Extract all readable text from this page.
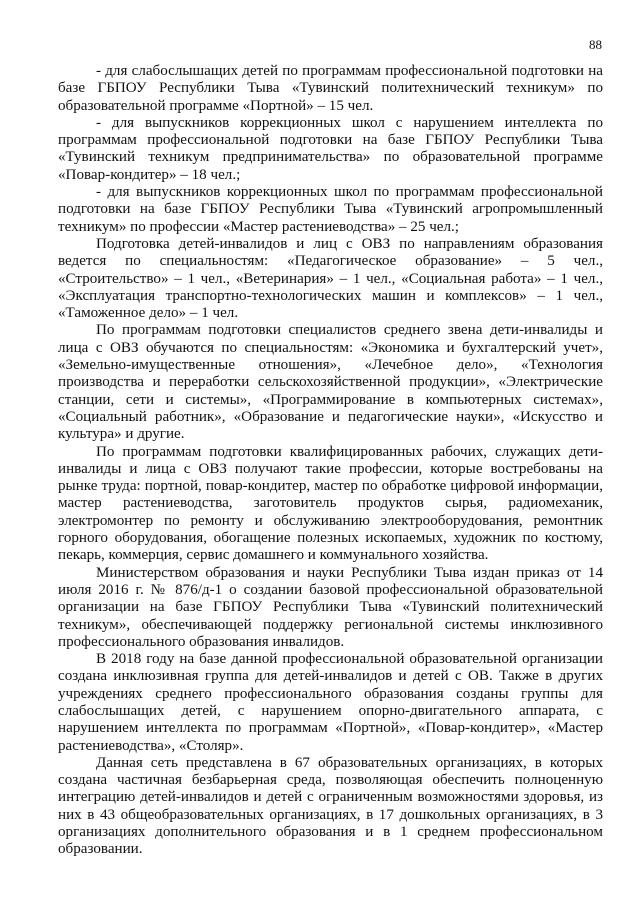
88

- для слабослышащих детей по программам профессиональной подготовки на базе ГБПОУ Республики Тыва «Тувинский политехнический техникум» по образовательной программе «Портной» – 15 чел.

- для выпускников коррекционных школ с нарушением интеллекта по программам профессиональной подготовки на базе ГБПОУ Республики Тыва «Тувинский техникум предпринимательства» по образовательной программе «Повар-кондитер» – 18 чел.;

- для выпускников коррекционных школ по программам профессиональной подготовки на базе ГБПОУ Республики Тыва «Тувинский агропромышленный техникум» по профессии «Мастер растениеводства» – 25 чел.;

Подготовка детей-инвалидов и лиц с ОВЗ по направлениям образования ведется по специальностям: «Педагогическое образование» – 5 чел., «Строительство» – 1 чел., «Ветеринария» – 1 чел., «Социальная работа» – 1 чел., «Эксплуатация транспортно-технологических машин и комплексов» – 1 чел., «Таможенное дело» – 1 чел.

По программам подготовки специалистов среднего звена дети-инвалиды и лица с ОВЗ обучаются по специальностям: «Экономика и бухгалтерский учет», «Земельно-имущественные отношения», «Лечебное дело», «Технология производства и переработки сельскохозяйственной продукции», «Электрические станции, сети и системы», «Программирование в компьютерных системах», «Социальный работник», «Образование и педагогические науки», «Искусство и культура» и другие.

По программам подготовки квалифицированных рабочих, служащих дети-инвалиды и лица с ОВЗ получают такие профессии, которые востребованы на рынке труда: портной, повар-кондитер, мастер по обработке цифровой информации, мастер растениеводства, заготовитель продуктов сырья, радиомеханик, электромонтер по ремонту и обслуживанию электрооборудования, ремонтник горного оборудования, обогащение полезных ископаемых, художник по костюму, пекарь, коммерция, сервис домашнего и коммунального хозяйства.

Министерством образования и науки Республики Тыва издан приказ от 14 июля 2016 г. № 876/д-1 о создании базовой профессиональной образовательной организации на базе ГБПОУ Республики Тыва «Тувинский политехнический техникум», обеспечивающей поддержку региональной системы инклюзивного профессионального образования инвалидов.

В 2018 году на базе данной профессиональной образовательной организации создана инклюзивная группа для детей-инвалидов и детей с ОВ. Также в других учреждениях среднего профессионального образования созданы группы для слабослышащих детей, с нарушением опорно-двигательного аппарата, с нарушением интеллекта по программам «Портной», «Повар-кондитер», «Мастер растениеводства», «Столяр».

Данная сеть представлена в 67 образовательных организациях, в которых создана частичная безбарьерная среда, позволяющая обеспечить полноценную интеграцию детей-инвалидов и детей с ограниченным возможностями здоровья, из них в 43 общеобразовательных организациях, в 17 дошкольных организациях, в 3 организациях дополнительного образования и в 1 среднем профессиональном образовании.
